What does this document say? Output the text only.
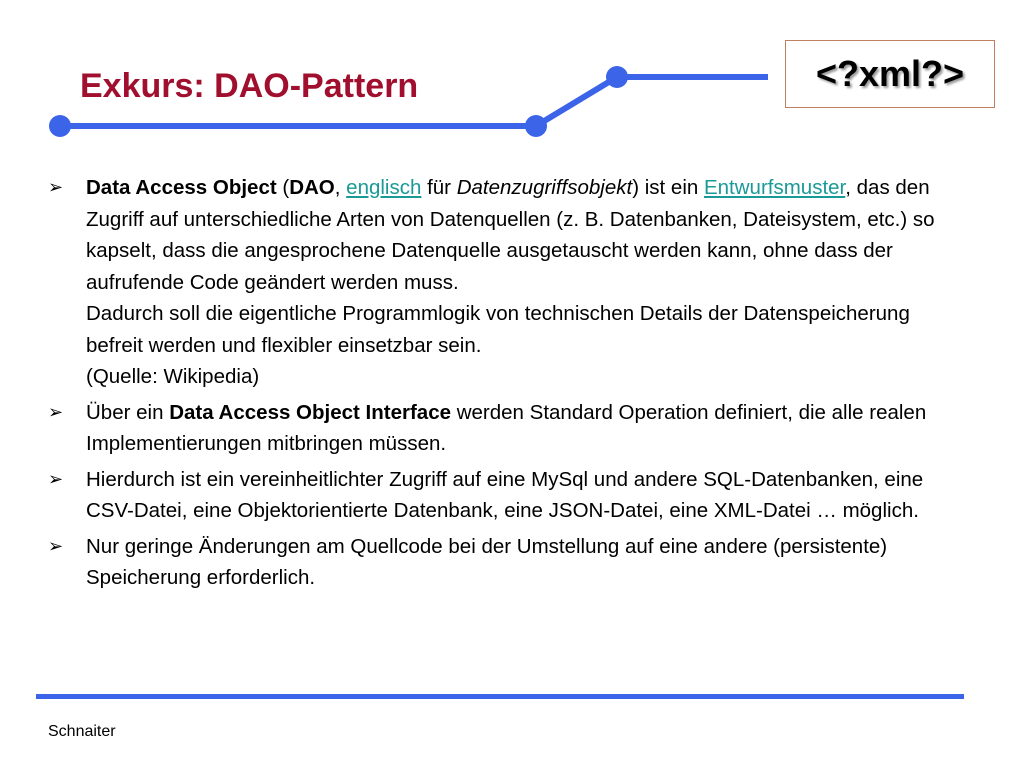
Exkurs: DAO-Pattern	<?xml?>
➢ Data Access Object (DAO, englisch für Datenzugriffsobjekt) ist ein Entwurfsmuster, das den Zugriff auf unterschiedliche Arten von Datenquellen (z. B. Datenbanken, Dateisystem, etc.) so kapselt, dass die angesprochene Datenquelle ausgetauscht werden kann, ohne dass der aufrufende Code geändert werden muss.
Dadurch soll die eigentliche Programmlogik von technischen Details der Datenspeicherung befreit werden und flexibler einsetzbar sein.
(Quelle: Wikipedia)
➢ Über ein Data Access Object Interface werden Standard Operation definiert, die alle realen Implementierungen mitbringen müssen.
➢ Hierdurch ist ein vereinheitlichter Zugriff auf eine MySql und andere SQL-Datenbanken, eine CSV-Datei, eine Objektorientierte Datenbank, eine JSON-Datei, eine XML-Datei … möglich.
➢ Nur geringe Änderungen am Quellcode bei der Umstellung auf eine andere (persistente) Speicherung erforderlich.
Schnaiter
